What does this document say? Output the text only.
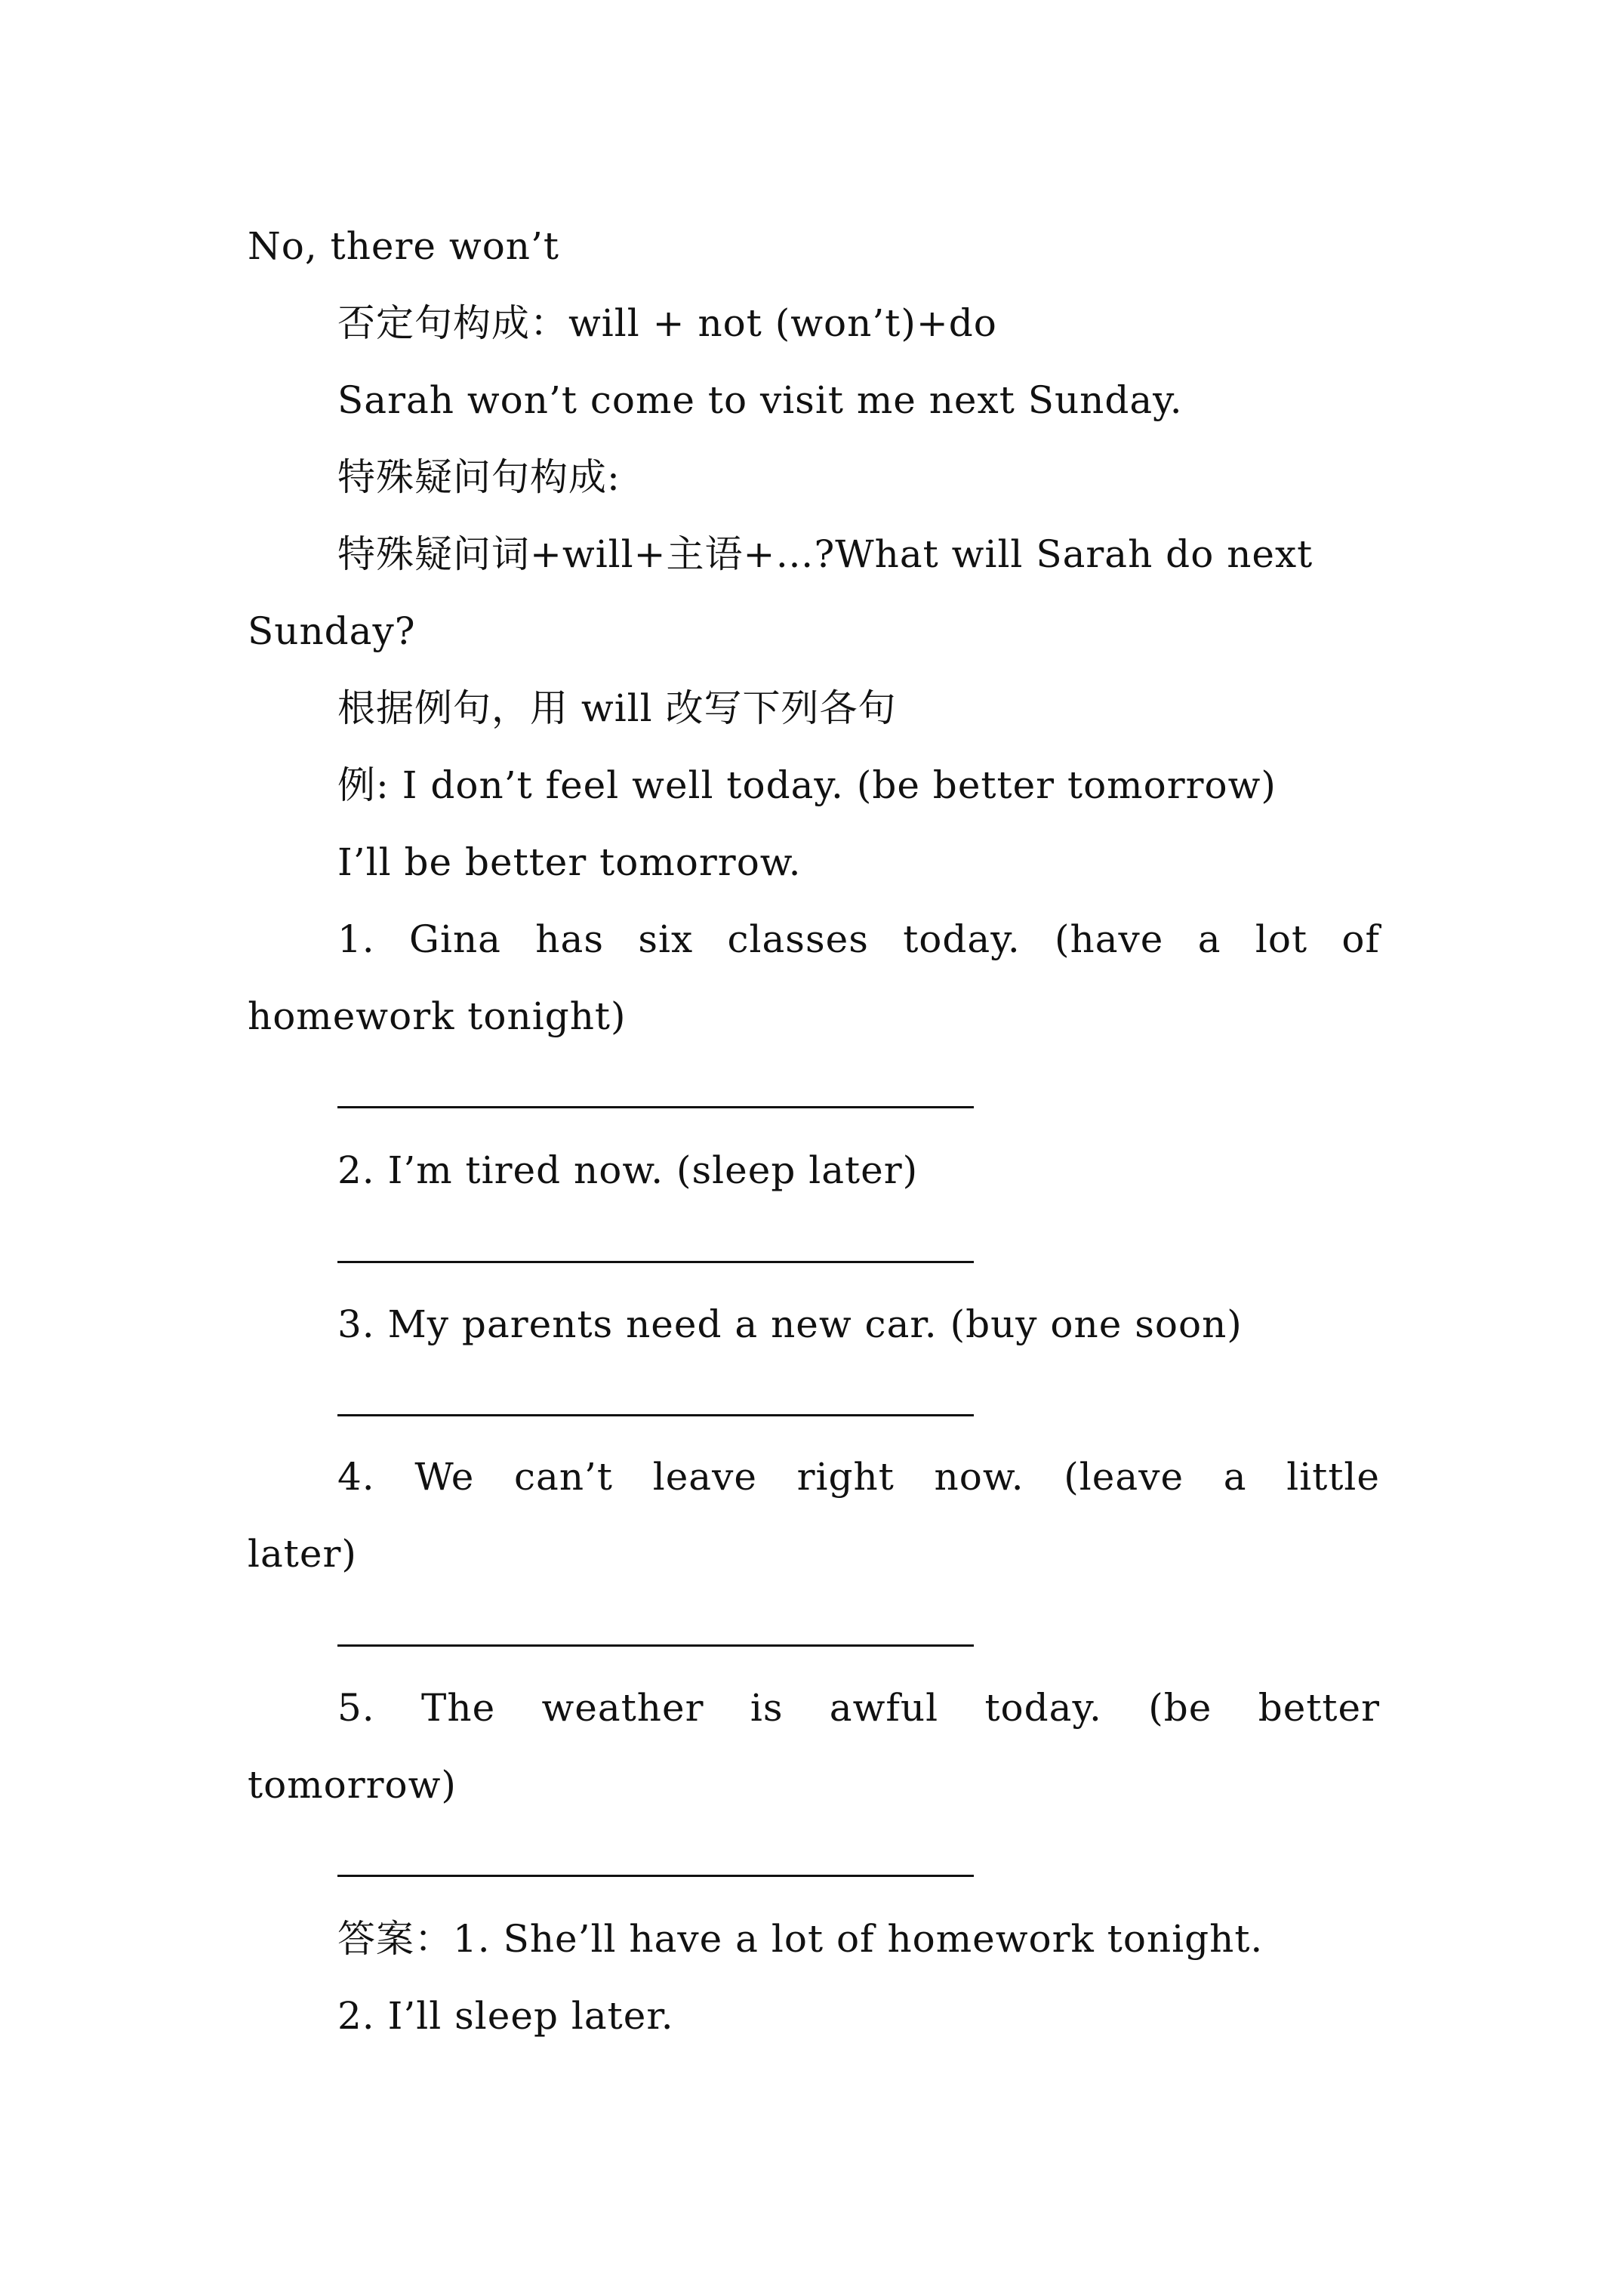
No, there won’t
否定句构成：will + not (won’t)+do
Sarah won’t come to visit me next Sunday.
特殊疑问句构成:
特殊疑问词+will+主语+…?What will Sarah do next
Sunday?
根据例句，用 will 改写下列各句
例: I don’t feel well today. (be better tomorrow)
I’ll be better tomorrow.
1. Gina has six classes today. (have a lot of
homework tonight)
2. I’m tired now. (sleep later)
3. My parents need a new car. (buy one soon)
4. We can’t leave right now. (leave a little
later)
5. The weather is awful today. (be better
tomorrow)
答案：1. She’ll have a lot of homework tonight.
2. I’ll sleep later.
